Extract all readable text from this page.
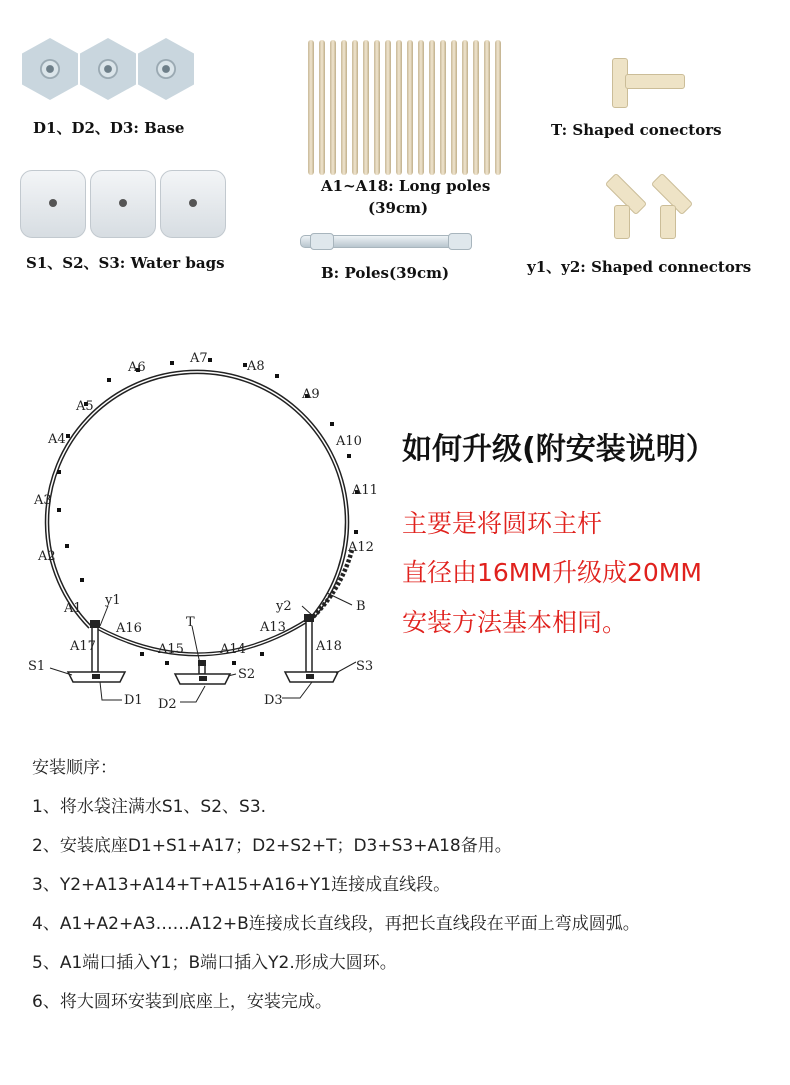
D1、D2、D3: Base
A1~A18: Long poles
(39cm)
T: Shaped conectors
S1、S2、S3: Water bags
B: Poles(39cm)	y1、y2: Shaped connectors
A1
A2
A3
A4
A5
A6
A7
A8
A9
A10
A11
A12
A13
A14
A15
A16
A17	A18
B
T
y1	y2
S1
S2
S3
D1 D2	D3
如何升级(附安装说明）
主要是将圆环主杆
直径由16MM升级成20MM
安装方法基本相同。
安装顺序：
1、将水袋注满水S1、S2、S3.
2、安装底座D1+S1+A17；D2+S2+T；D3+S3+A18备用。
3、Y2+A13+A14+T+A15+A16+Y1连接成直线段。
4、A1+A2+A3……A12+B连接成长直线段，再把长直线段在平面上弯成圆弧。
5、A1端口插入Y1；B端口插入Y2.形成大圆环。
6、将大圆环安装到底座上，安装完成。
